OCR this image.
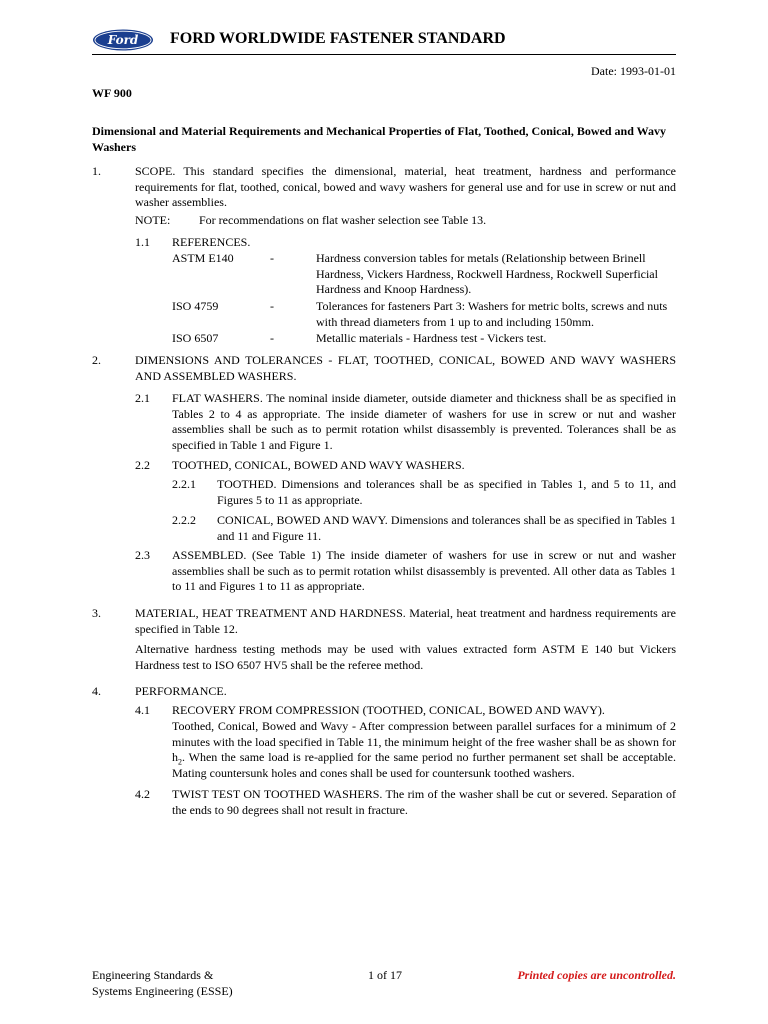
Ford FORD WORLDWIDE FASTENER STANDARD
Date: 1993-01-01
WF 900
Dimensional and Material Requirements and Mechanical Properties of Flat, Toothed, Conical, Bowed and Wavy Washers
1.	SCOPE. This standard specifies the dimensional, material, heat treatment, hardness and performance requirements for flat, toothed, conical, bowed and wavy washers for general use and for use in screw or nut and washer assemblies.
NOTE: For recommendations on flat washer selection see Table 13.
1.1 REFERENCES.
ASTM E140	-	Hardness conversion tables for metals (Relationship between Brinell Hardness, Vickers Hardness, Rockwell Hardness, Rockwell Superficial Hardness and Knoop Hardness).
ISO 4759	-	Tolerances for fasteners Part 3: Washers for metric bolts, screws and nuts with thread diameters from 1 up to and including 150mm.
ISO 6507	-	Metallic materials - Hardness test - Vickers test.
2.	DIMENSIONS AND TOLERANCES - FLAT, TOOTHED, CONICAL, BOWED AND WAVY WASHERS AND ASSEMBLED WASHERS.
2.1 FLAT WASHERS. The nominal inside diameter, outside diameter and thickness shall be as specified in Tables 2 to 4 as appropriate. The inside diameter of washers for use in screw or nut and washer assemblies shall be such as to permit rotation whilst disassembly is prevented. Tolerances shall be as specified in Table 1 and Figure 1.
2.2 TOOTHED, CONICAL, BOWED AND WAVY WASHERS.
2.2.1 TOOTHED. Dimensions and tolerances shall be as specified in Tables 1, and 5 to 11, and Figures 5 to 11 as appropriate.
2.2.2 CONICAL, BOWED AND WAVY. Dimensions and tolerances shall be as specified in Tables 1 and 11 and Figure 11.
2.3 ASSEMBLED. (See Table 1) The inside diameter of washers for use in screw or nut and washer assemblies shall be such as to permit rotation whilst disassembly is prevented. All other data as Tables 1 to 11 and Figures 1 to 11 as appropriate.
3.	MATERIAL, HEAT TREATMENT AND HARDNESS. Material, heat treatment and hardness requirements are specified in Table 12.
Alternative hardness testing methods may be used with values extracted form ASTM E 140 but Vickers Hardness test to ISO 6507 HV5 shall be the referee method.
4.	PERFORMANCE.
4.1 RECOVERY FROM COMPRESSION (TOOTHED, CONICAL, BOWED AND WAVY).
Toothed, Conical, Bowed and Wavy - After compression between parallel surfaces for a minimum of 2 minutes with the load specified in Table 11, the minimum height of the free washer shall be as shown for $h_2$. When the same load is re-applied for the same period no further permanent set shall be acceptable. Mating countersunk holes and cones shall be used for countersunk toothed washers.
4.2 TWIST TEST ON TOOTHED WASHERS. The rim of the washer shall be cut or severed. Separation of the ends to 90 degrees shall not result in fracture.
Engineering Standards &
Systems Engineering (ESSE)
1 of 17	Printed copies are uncontrolled.
